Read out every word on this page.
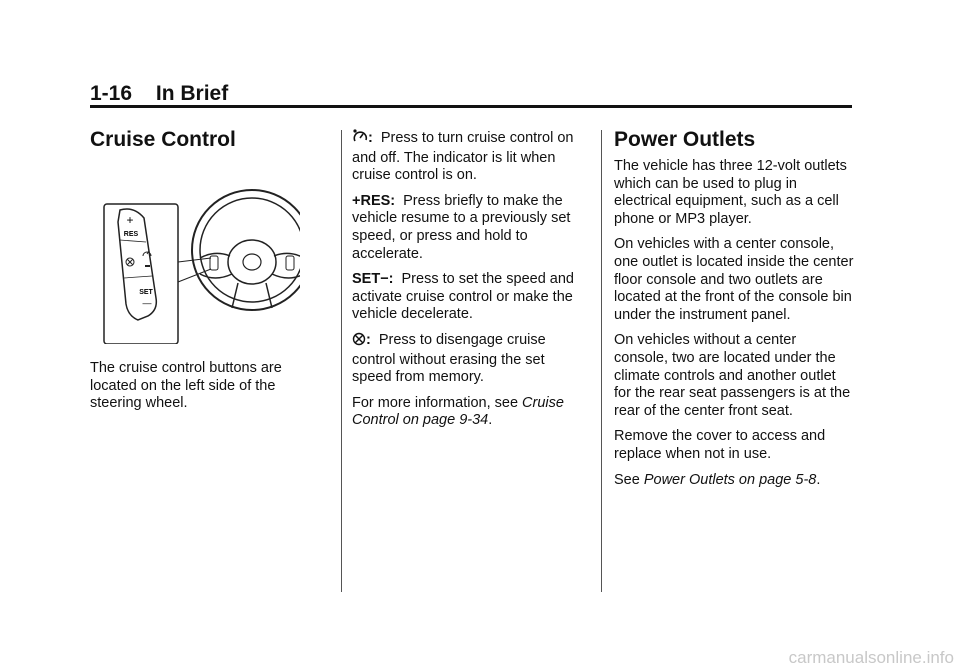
1-16 In Brief
Cruise Control
+
RES
SET
—

The cruise control buttons are located on the left side of the steering wheel.

: Press to turn cruise control on and off. The indicator is lit when cruise control is on.

+RES: Press briefly to make the vehicle resume to a previously set speed, or press and hold to accelerate.

SET−: Press to set the speed and activate cruise control or make the vehicle decelerate.

: Press to disengage cruise control without erasing the set speed from memory.

For more information, see Cruise Control on page 9-34.

Power Outlets

The vehicle has three 12-volt outlets which can be used to plug in electrical equipment, such as a cell phone or MP3 player.

On vehicles with a center console, one outlet is located inside the center floor console and two outlets are located at the front of the console bin under the instrument panel.

On vehicles without a center console, two are located under the climate controls and another outlet for the rear seat passengers is at the rear of the center front seat.

Remove the cover to access and replace when not in use.

See Power Outlets on page 5-8.

carmanualsonline.info
